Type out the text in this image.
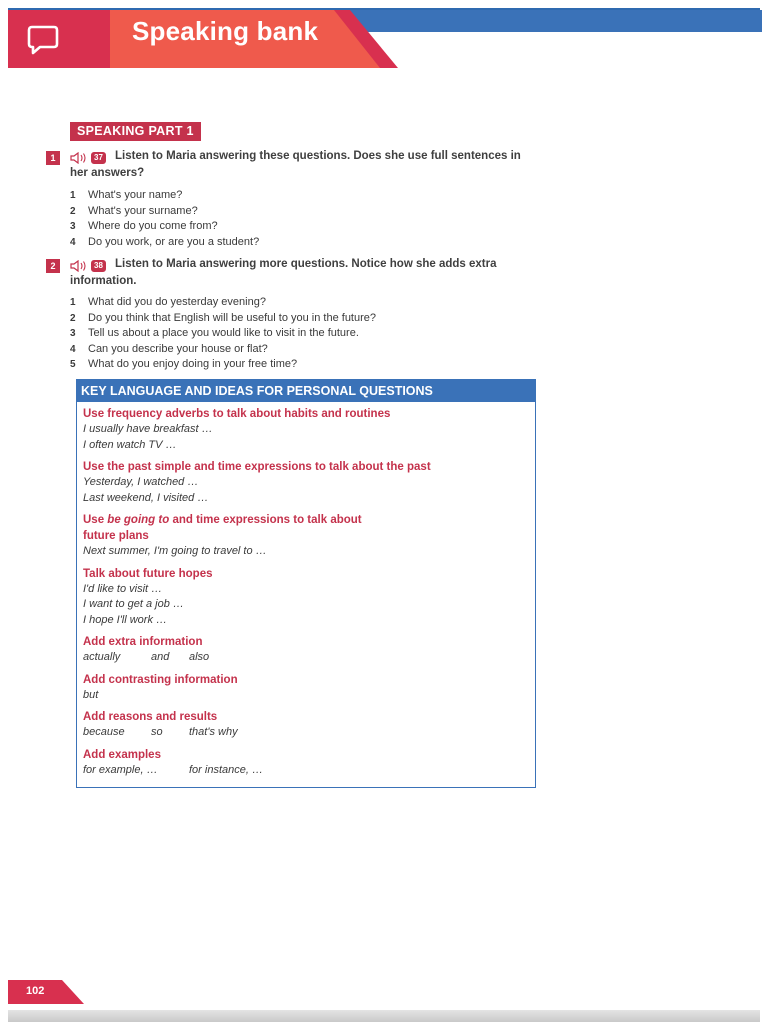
Speaking bank
SPEAKING PART 1
1	37 Listen to Maria answering these questions. Does she use full sentences in
her answers?
1 What's your name?
2 What's your surname?
3 Where do you come from?
4 Do you work, or are you a student?
2	38 Listen to Maria answering more questions. Notice how she adds extra
information.
1 What did you do yesterday evening?
2 Do you think that English will be useful to you in the future?
3 Tell us about a place you would like to visit in the future.
4 Can you describe your house or flat?
5 What do you enjoy doing in your free time?
KEY LANGUAGE AND IDEAS FOR PERSONAL QUESTIONS
Use frequency adverbs to talk about habits and routines
I usually have breakfast …
I often watch TV …
Use the past simple and time expressions to talk about the past
Yesterday, I watched …
Last weekend, I visited …
Use be going to and time expressions to talk about
future plans
Next summer, I'm going to travel to …
Talk about future hopes
I'd like to visit …
I want to get a job …
I hope I'll work …
Add extra information
actually	and also
Add contrasting information
but
Add reasons and results
because so that's why
Add examples
for example, …	for instance, …
102
